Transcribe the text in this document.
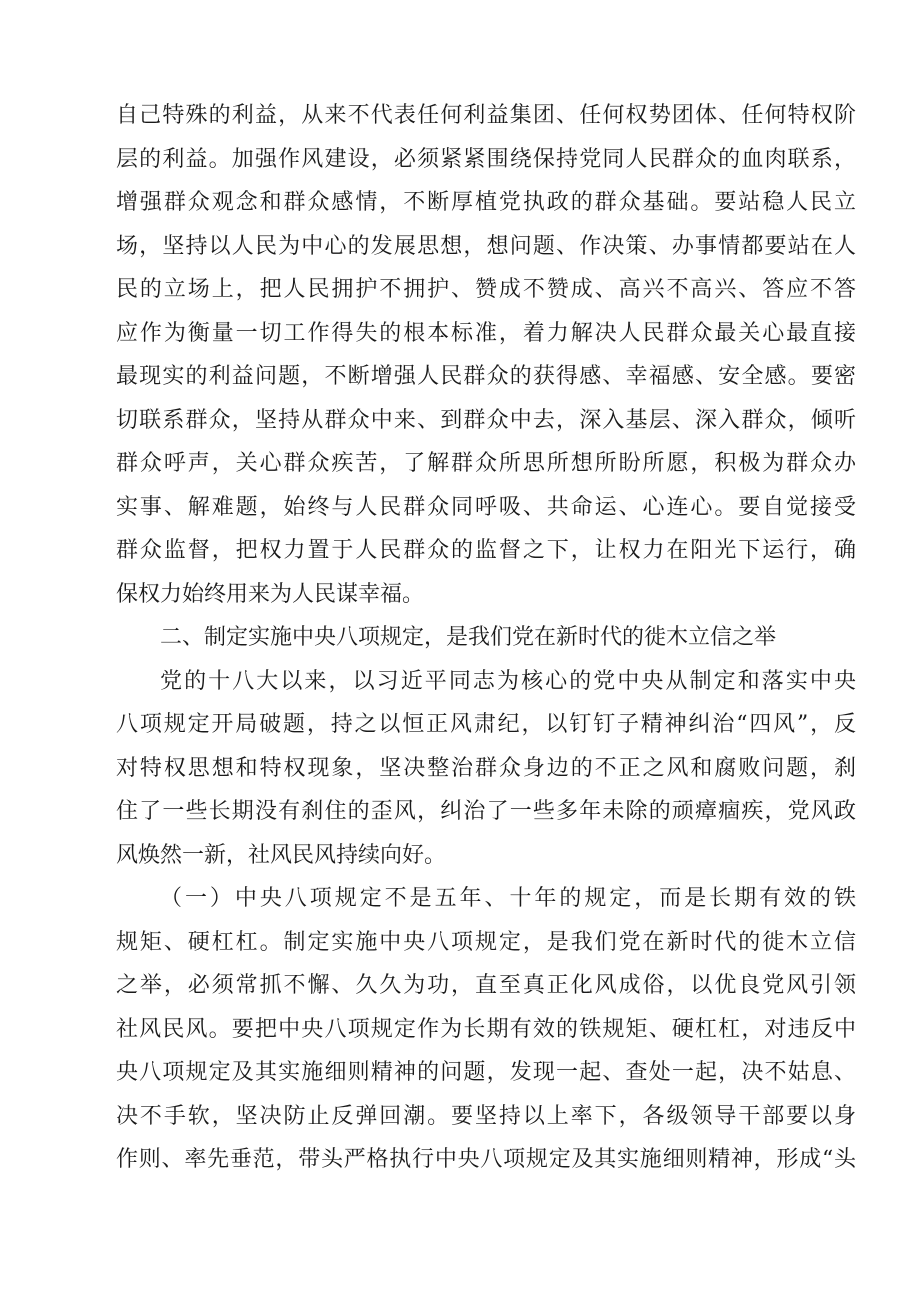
自己特殊的利益，从来不代表任何利益集团、任何权势团体、任何特权阶
层的利益。加强作风建设，必须紧紧围绕保持党同人民群众的血肉联系，
增强群众观念和群众感情，不断厚植党执政的群众基础。要站稳人民立
场，坚持以人民为中心的发展思想，想问题、作决策、办事情都要站在人
民的立场上，把人民拥护不拥护、赞成不赞成、高兴不高兴、答应不答
应作为衡量一切工作得失的根本标准，着力解决人民群众最关心最直接
最现实的利益问题，不断增强人民群众的获得感、幸福感、安全感。要密
切联系群众，坚持从群众中来、到群众中去，深入基层、深入群众，倾听
群众呼声，关心群众疾苦，了解群众所思所想所盼所愿，积极为群众办
实事、解难题，始终与人民群众同呼吸、共命运、心连心。要自觉接受
群众监督，把权力置于人民群众的监督之下，让权力在阳光下运行，确
保权力始终用来为人民谋幸福。
二、制定实施中央八项规定，是我们党在新时代的徙木立信之举
党的十八大以来，以习近平同志为核心的党中央从制定和落实中央
八项规定开局破题，持之以恒正风肃纪，以钉钉子精神纠治“四风”，反
对特权思想和特权现象，坚决整治群众身边的不正之风和腐败问题，刹
住了一些长期没有刹住的歪风，纠治了一些多年未除的顽瘴痼疾，党风政
风焕然一新，社风民风持续向好。
（一）中央八项规定不是五年、十年的规定，而是长期有效的铁
规矩、硬杠杠。制定实施中央八项规定，是我们党在新时代的徙木立信
之举，必须常抓不懈、久久为功，直至真正化风成俗，以优良党风引领
社风民风。要把中央八项规定作为长期有效的铁规矩、硬杠杠，对违反中
央八项规定及其实施细则精神的问题，发现一起、查处一起，决不姑息、
决不手软，坚决防止反弹回潮。要坚持以上率下，各级领导干部要以身
作则、率先垂范，带头严格执行中央八项规定及其实施细则精神，形成“头
